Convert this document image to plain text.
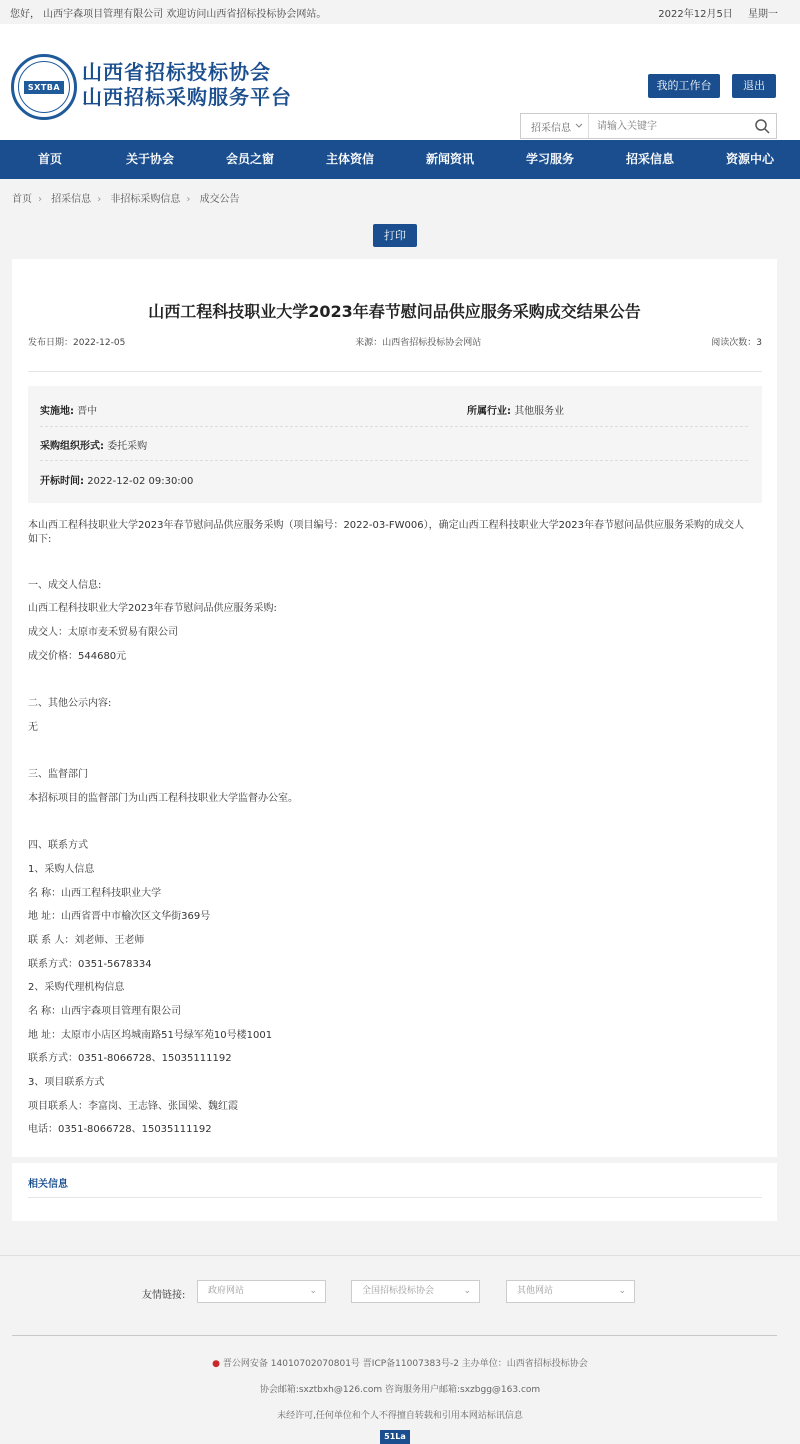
您好， 山西宇森项目管理有限公司 欢迎访问山西省招标投标协会网站。	2022年12月5日 星期一
SXTBA
山西省招标投标协会
山西招标采购服务平台	我的工作台	退出
招采信息
请输入关键字
首页	关于协会	会员之窗	主体资信	新闻资讯	学习服务	招采信息	资源中心
首页 › 招采信息 › 非招标采购信息 › 成交公告
打印
山西工程科技职业大学2023年春节慰问品供应服务采购成交结果公告
发布日期：2022-12-05	来源：山西省招标投标协会网站	阅读次数：3
实施地: 晋中	所属行业: 其他服务业
采购组织形式: 委托采购
开标时间: 2022-12-02 09:30:00

本山西工程科技职业大学2023年春节慰问品供应服务采购（项目编号：2022-03-FW006），确定山西工程科技职业大学2023年春节慰问品供应服务采购的成交人

如下:

一、成交人信息:

山西工程科技职业大学2023年春节慰问品供应服务采购:

成交人：太原市麦禾贸易有限公司

成交价格：544680元

二、其他公示内容:

无

三、监督部门

本招标项目的监督部门为山西工程科技职业大学监督办公室。

四、联系方式

1、采购人信息

名 称：山西工程科技职业大学

地 址：山西省晋中市榆次区文华街369号

联 系 人：刘老师、王老师

联系方式：0351-5678334

2、采购代理机构信息

名 称：山西宇森项目管理有限公司

地 址：太原市小店区坞城南路51号绿军苑10号楼1001

联系方式：0351-8066728、15035111192

3、项目联系方式

项目联系人：李富岗、王志锋、张国梁、魏红霞

电话：0351-8066728、15035111192

相关信息
友情链接:	政府网站	⌄	全国招标投标协会	⌄	其他网站	⌄
● 晋公网安备 14010702070801号 晋ICP备11007383号-2 主办单位：山西省招标投标协会
协会邮箱:sxztbxh@126.com 咨询服务用户邮箱:sxzbgg@163.com
未经许可,任何单位和个人不得擅自转载和引用本网站标讯信息
51La
